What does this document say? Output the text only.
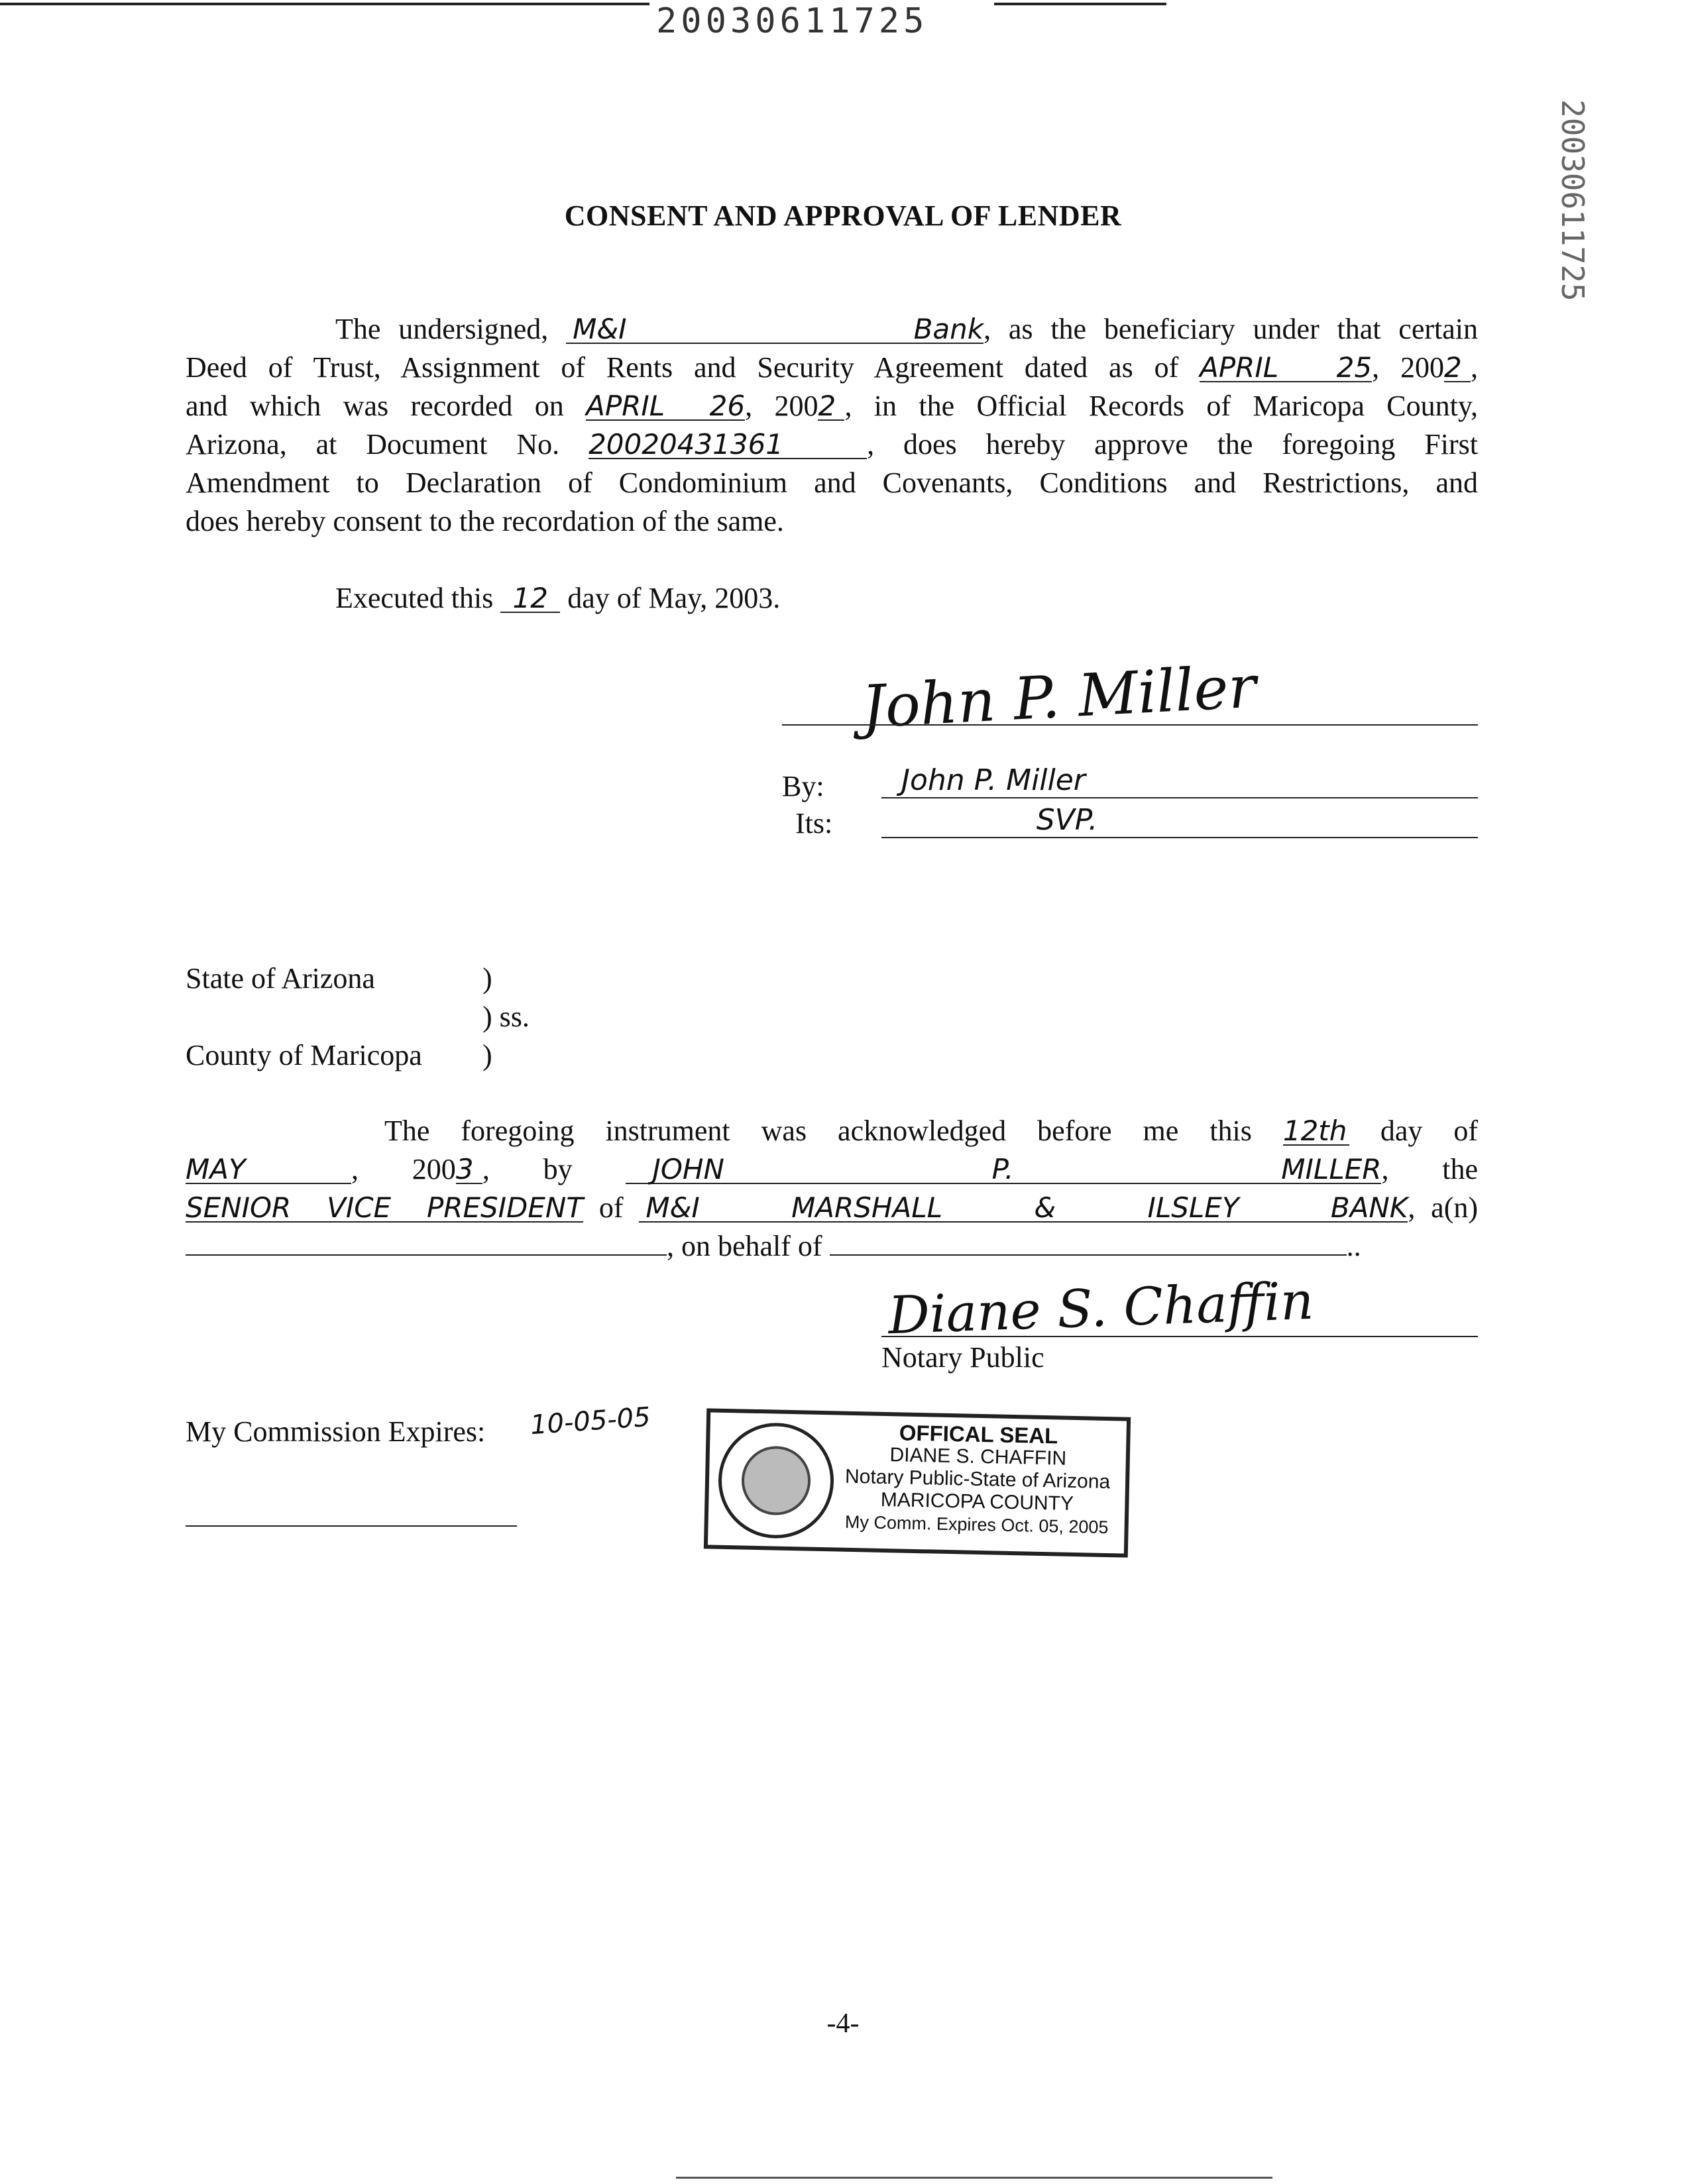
20030611725
20030611725
CONSENT AND APPROVAL OF LENDER
The undersigned, M&I Bank, as the beneficiary under that certain
Deed of Trust, Assignment of Rents and Security Agreement dated as of APRIL 25, 2002 ,
and which was recorded on APRIL 26, 2002 , in the Official Records of Maricopa County,
Arizona, at Document No. 20020431361	, does hereby approve the foregoing First
Amendment to Declaration of Condominium and Covenants, Conditions and Restrictions, and
does hereby consent to the recordation of the same.
Executed this 12 day of May, 2003.
John P. Miller
By:	John P. Miller
Its:	SVP.
State of Arizona	)
) ss.
County of Maricopa )
The foregoing instrument was acknowledged before me this 12th day of
MAY	, 2003 , by	JOHN P. MILLER, the
SENIOR VICE PRESIDENT of M&I MARSHALL & ILSLEY BANK, a(n)
, on behalf of	..
Diane S. Chaffin
Notary Public
My Commission Expires: 10-05-05	OFFICAL SEAL
DIANE S. CHAFFIN
Notary Public-State of Arizona
MARICOPA COUNTY
My Comm. Expires Oct. 05, 2005
-4-
